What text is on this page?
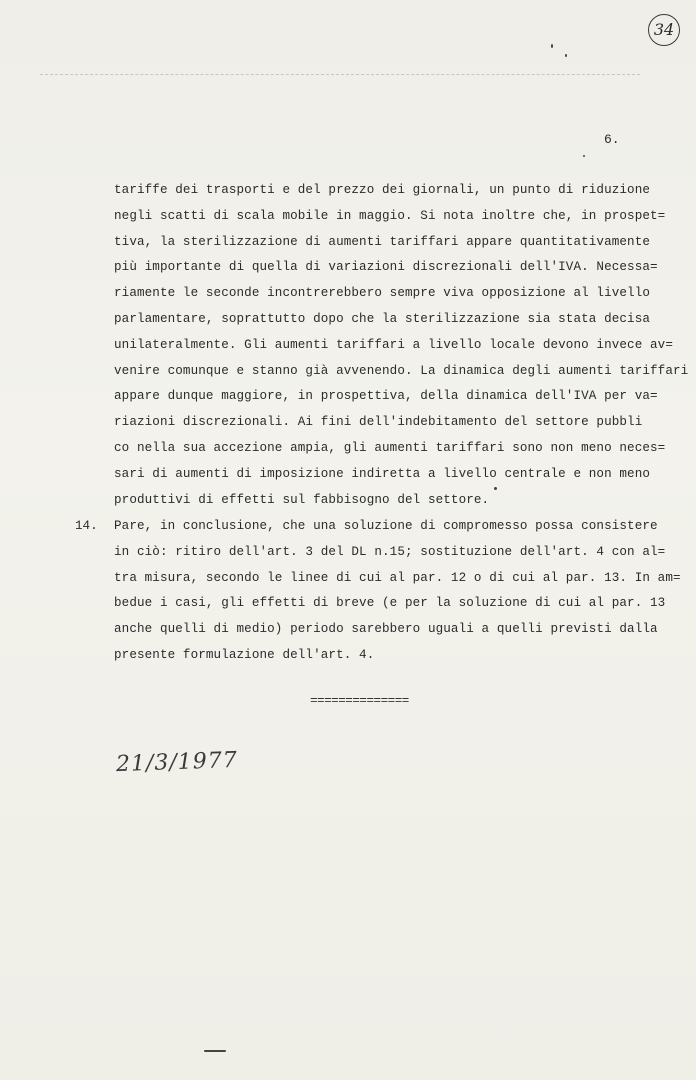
34
6.
tariffe dei trasporti e del prezzo dei giornali, un punto di riduzione
negli scatti di scala mobile in maggio. Si nota inoltre che, in prospet=
tiva, la sterilizzazione di aumenti tariffari appare quantitativamente
più importante di quella di variazioni discrezionali dell'IVA. Necessa=
riamente le seconde incontrerebbero sempre viva opposizione al livello
parlamentare, soprattutto dopo che la sterilizzazione sia stata decisa
unilateralmente. Gli aumenti tariffari a livello locale devono invece av=
venire comunque e stanno già avvenendo. La dinamica degli aumenti tariffari
appare dunque maggiore, in prospettiva, della dinamica dell'IVA per va=
riazioni discrezionali. Ai fini dell'indebitamento del settore pubbli
co nella sua accezione ampia, gli aumenti tariffari sono non meno neces=
sari di aumenti di imposizione indiretta a livello centrale e non meno
produttivi di effetti sul fabbisogno del settore.
14. Pare, in conclusione, che una soluzione di compromesso possa consistere
in ciò: ritiro dell'art. 3 del DL n.15; sostituzione dell'art. 4 con al=
tra misura, secondo le linee di cui al par. 12 o di cui al par. 13. In am=
bedue i casi, gli effetti di breve (e per la soluzione di cui al par. 13
anche quelli di medio) periodo sarebbero uguali a quelli previsti dalla
presente formulazione dell'art. 4.
==============
21/3/1977
